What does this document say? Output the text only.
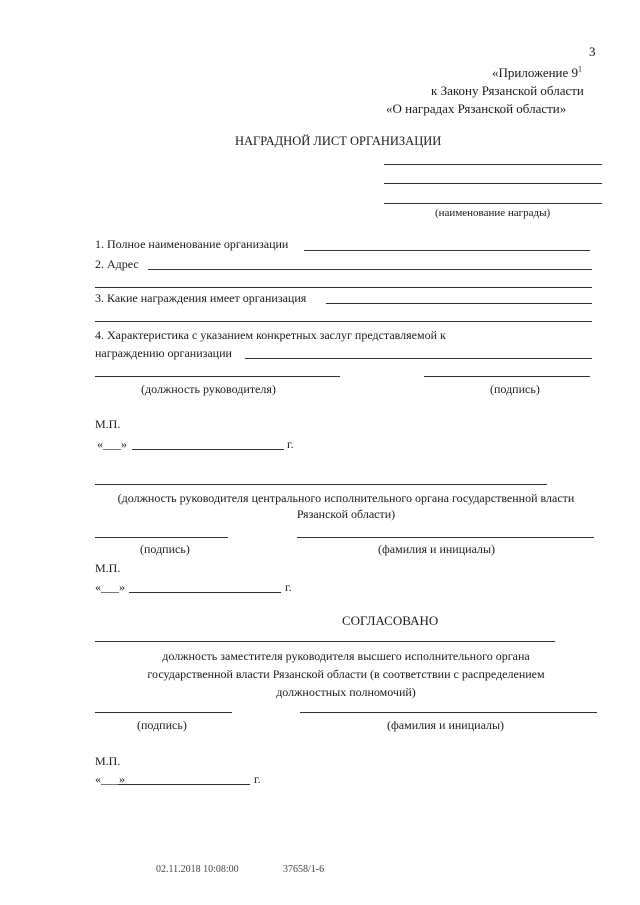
3
«Приложение $9^1$
к Закону Рязанской области
«О наградах Рязанской области»
НАГРАДНОЙ ЛИСТ ОРГАНИЗАЦИИ
(наименование награды)
1. Полное наименование организации
2. Адрес
3. Какие награждения имеет организация
4. Характеристика с указанием конкретных заслуг представляемой к
награждению организации
(должность руководителя)	(подпись)
М.П.
«___»	г.
(должность руководителя центрального исполнительного органа государственной власти
Рязанской области)
(подпись)	(фамилия и инициалы)
М.П.
«___»	г.
СОГЛАСОВАНО
должность заместителя руководителя высшего исполнительного органа
государственной власти Рязанской области (в соответствии с распределением
должностных полномочий)
(подпись)	(фамилия и инициалы)
М.П.
«___»	г.
02.11.2018 10:08:00	37658/1-6
